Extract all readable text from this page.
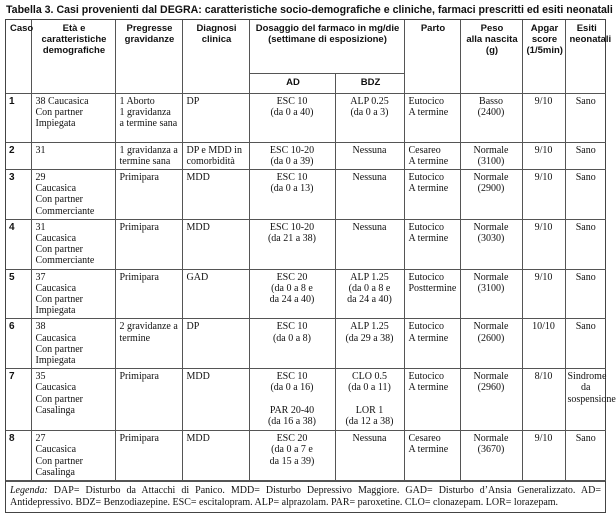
Tabella 3. Casi provenienti dal DEGRA: caratteristiche socio-demografiche e cliniche, farmaci prescritti ed esiti neonatali
Caso	Età e
caratteristiche
demografiche	Pregresse
gravidanze	Diagnosi
clinica	Dosaggio del farmaco in mg/die
(settimane di esposizione)		Parto	Peso
alla nascita
(g)	Apgar
score
(1/5min)	Esiti
neonatali
				AD	BDZ				
1	38 Caucasica
Con partner
Impiegata	1 Aborto
1 gravidanza
a termine sana	DP	ESC 10
(da 0 a 40)	ALP 0.25
(da 0 a 3)	Eutocico
A termine	Basso
(2400)	9/10	Sano
2	31	1 gravidanza a
termine sana	DP e MDD in
comorbidità	ESC 10-20
(da 0 a 39)	Nessuna	Cesareo
A termine	Normale
(3100)	9/10	Sano
3	29
Caucasica
Con partner
Commerciante	Primipara	MDD	ESC 10
(da 0 a 13)	Nessuna	Eutocico
A termine	Normale
(2900)	9/10	Sano
4	31
Caucasica
Con partner
Commerciante	Primipara	MDD	ESC 10-20
(da 21 a 38)	Nessuna	Eutocico
A termine	Normale
(3030)	9/10	Sano
5	37
Caucasica
Con partner
Impiegata	Primipara	GAD	ESC 20
(da 0 a 8 e
da 24 a 40)	ALP 1.25
(da 0 a 8 e
da 24 a 40)	Eutocico
Posttermine	Normale
(3100)	9/10	Sano
6	38
Caucasica
Con partner
Impiegata	2 gravidanze a
termine	DP	ESC 10
(da 0 a 8)	ALP 1.25
(da 29 a 38)	Eutocico
A termine	Normale
(2600)	10/10	Sano
7	35
Caucasica
Con partner
Casalinga	Primipara	MDD	ESC 10
(da 0 a 16)
PAR 20-40
(da 16 a 38)	CLO 0.5
(da 0 a 11)
LOR 1
(da 12 a 38)	Eutocico
A termine	Normale
(2960)	8/10	Sindrome
da
sospensione
8	27
Caucasica
Con partner
Casalinga	Primipara	MDD	ESC 20
(da 0 a 7 e
da 15 a 39)	Nessuna	Cesareo
A termine	Normale
(3670)	9/10	Sano
Legenda: DAP= Disturbo da Attacchi di Panico. MDD= Disturbo Depressivo Maggiore. GAD= Disturbo d’Ansia Generalizzato. AD= Antidepressivo. BDZ= Benzodiazepine. ESC= escitalopram. ALP= alprazolam. PAR= paroxetine. CLO= clonazepam. LOR= lorazepam.
